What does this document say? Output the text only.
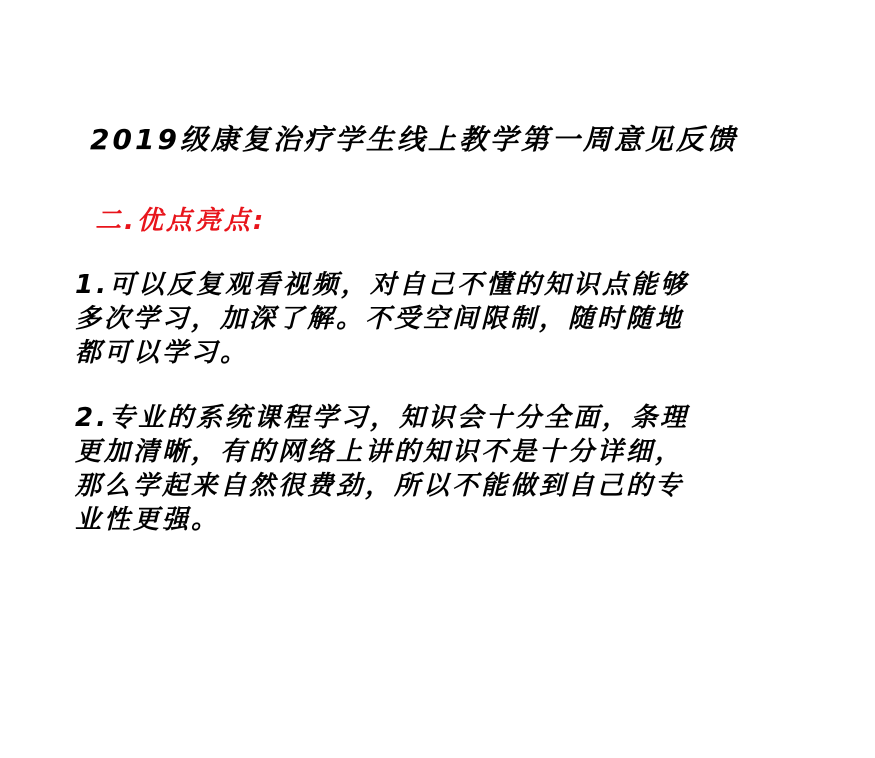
2019级康复治疗学生线上教学第一周意见反馈
二.优点亮点:
1.可以反复观看视频，对自己不懂的知识点能够
多次学习，加深了解。不受空间限制，随时随地
都可以学习。
2.专业的系统课程学习，知识会十分全面，条理
更加清晰，有的网络上讲的知识不是十分详细，
那么学起来自然很费劲，所以不能做到自己的专
业性更强。
